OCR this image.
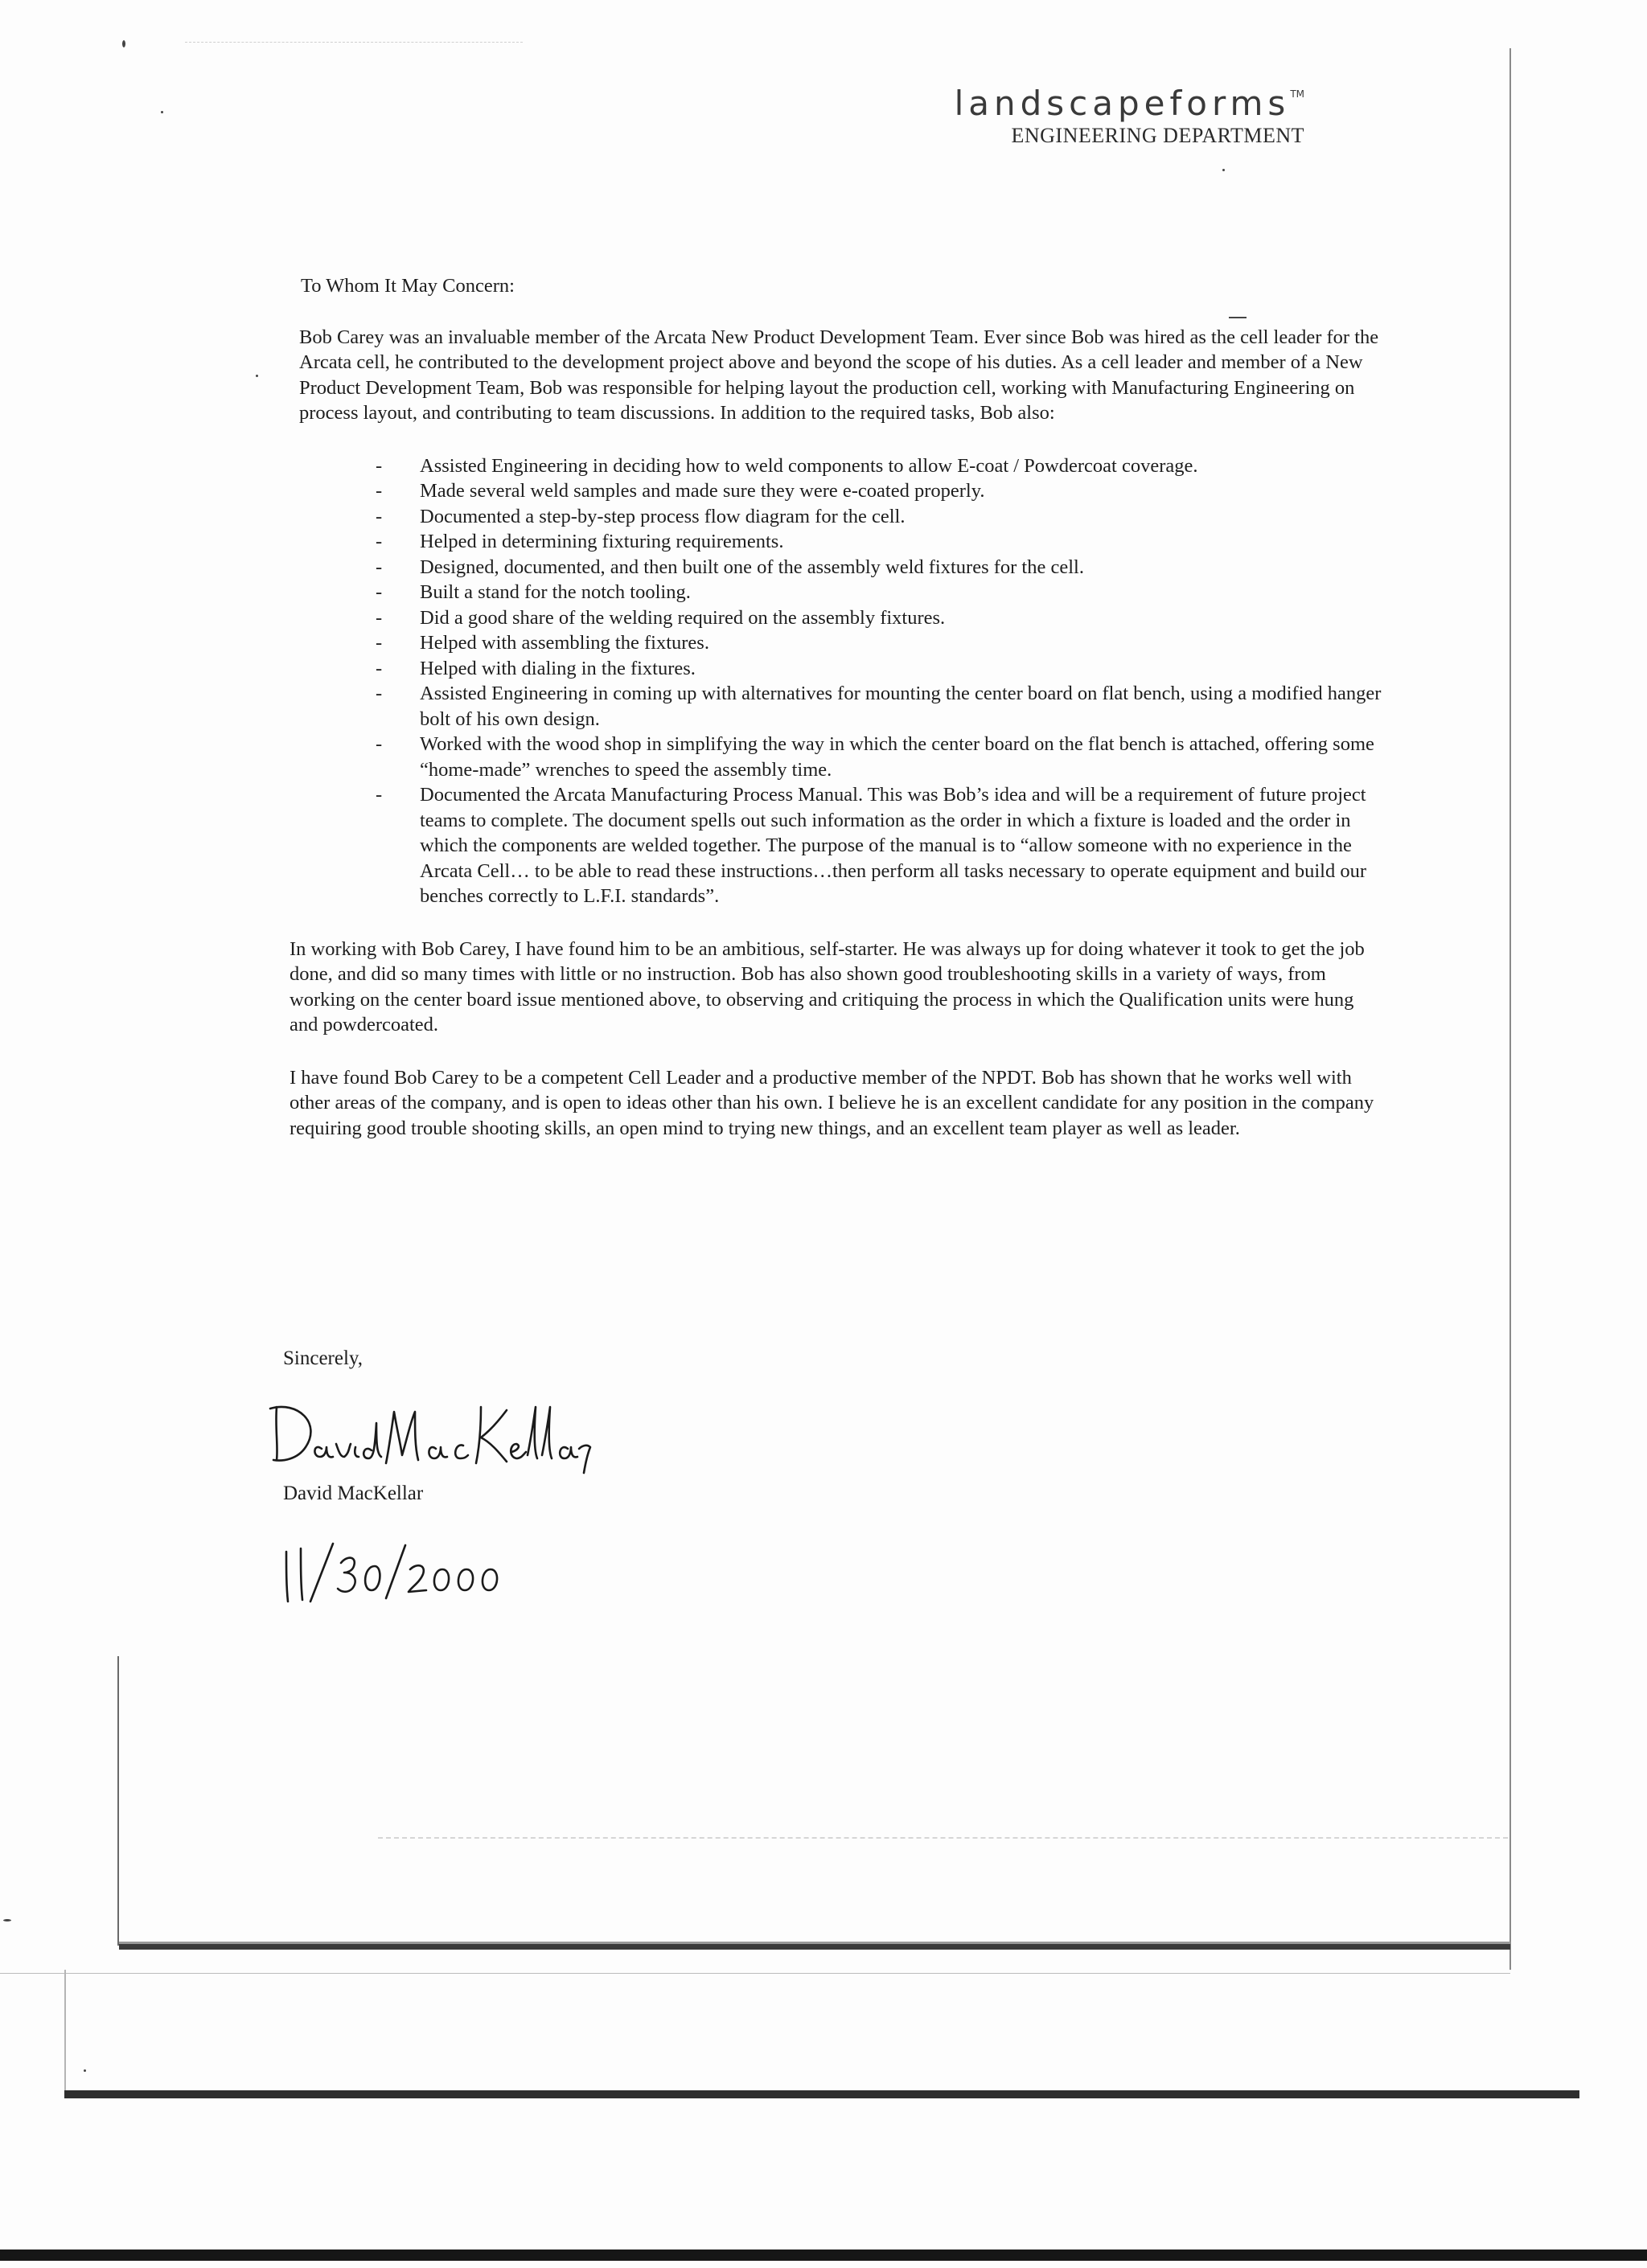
landscapeforms™
ENGINEERING DEPARTMENT

To Whom It May Concern:

Bob Carey was an invaluable member of the Arcata New Product Development Team. Ever since Bob was hired as the cell leader for the Arcata cell, he contributed to the development project above and beyond the scope of his duties. As a cell leader and member of a New Product Development Team, Bob was responsible for helping layout the production cell, working with Manufacturing Engineering on process layout, and contributing to team discussions. In addition to the required tasks, Bob also:

- Assisted Engineering in deciding how to weld components to allow E-coat / Powdercoat coverage.
- Made several weld samples and made sure they were e-coated properly.
- Documented a step-by-step process flow diagram for the cell.
- Helped in determining fixturing requirements.
- Designed, documented, and then built one of the assembly weld fixtures for the cell.
- Built a stand for the notch tooling.
- Did a good share of the welding required on the assembly fixtures.
- Helped with assembling the fixtures.
- Helped with dialing in the fixtures.
- Assisted Engineering in coming up with alternatives for mounting the center board on flat bench, using a modified hanger bolt of his own design.
- Worked with the wood shop in simplifying the way in which the center board on the flat bench is attached, offering some “home-made” wrenches to speed the assembly time.
- Documented the Arcata Manufacturing Process Manual. This was Bob’s idea and will be a requirement of future project teams to complete. The document spells out such information as the order in which a fixture is loaded and the order in which the components are welded together. The purpose of the manual is to “allow someone with no experience in the Arcata Cell… to be able to read these instructions…then perform all tasks necessary to operate equipment and build our benches correctly to L.F.I. standards”.

In working with Bob Carey, I have found him to be an ambitious, self-starter. He was always up for doing whatever it took to get the job done, and did so many times with little or no instruction. Bob has also shown good troubleshooting skills in a variety of ways, from working on the center board issue mentioned above, to observing and critiquing the process in which the Qualification units were hung and powdercoated.

I have found Bob Carey to be a competent Cell Leader and a productive member of the NPDT. Bob has shown that he works well with other areas of the company, and is open to ideas other than his own. I believe he is an excellent candidate for any position in the company requiring good trouble shooting skills, an open mind to trying new things, and an excellent team player as well as leader.

Sincerely,
David MacKellar
